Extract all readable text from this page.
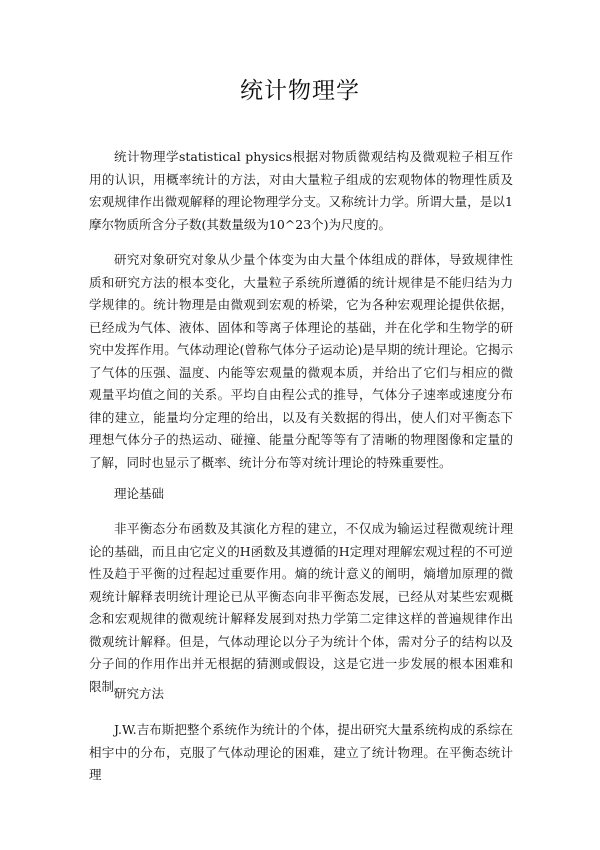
统计物理学

统计物理学statistical physics根据对物质微观结构及微观粒子相互作用的认识，用概率统计的方法，对由大量粒子组成的宏观物体的物理性质及宏观规律作出微观解释的理论物理学分支。又称统计力学。所谓大量，是以1摩尔物质所含分子数(其数量级为10^23个)为尺度的。

研究对象研究对象从少量个体变为由大量个体组成的群体，导致规律性质和研究方法的根本变化，大量粒子系统所遵循的统计规律是不能归结为力学规律的。统计物理是由微观到宏观的桥梁，它为各种宏观理论提供依据，已经成为气体、液体、固体和等离子体理论的基础，并在化学和生物学的研究中发挥作用。气体动理论(曾称气体分子运动论)是早期的统计理论。它揭示了气体的压强、温度、内能等宏观量的微观本质，并给出了它们与相应的微观量平均值之间的关系。平均自由程公式的推导，气体分子速率或速度分布律的建立，能量均分定理的给出，以及有关数据的得出，使人们对平衡态下理想气体分子的热运动、碰撞、能量分配等等有了清晰的物理图像和定量的了解，同时也显示了概率、统计分布等对统计理论的特殊重要性。

理论基础

非平衡态分布函数及其演化方程的建立，不仅成为输运过程微观统计理论的基础，而且由它定义的H函数及其遵循的H定理对理解宏观过程的不可逆性及趋于平衡的过程起过重要作用。熵的统计意义的阐明，熵增加原理的微观统计解释表明统计理论已从平衡态向非平衡态发展，已经从对某些宏观概念和宏观规律的微观统计解释发展到对热力学第二定律这样的普遍规律作出微观统计解释。但是，气体动理论以分子为统计个体，需对分子的结构以及分子间的作用作出并无根据的猜测或假设，这是它进一步发展的根本困难和限制。

研究方法

J.W.吉布斯把整个系统作为统计的个体，提出研究大量系统构成的系综在相宇中的分布，克服了气体动理论的困难，建立了统计物理。在平衡态统计理
